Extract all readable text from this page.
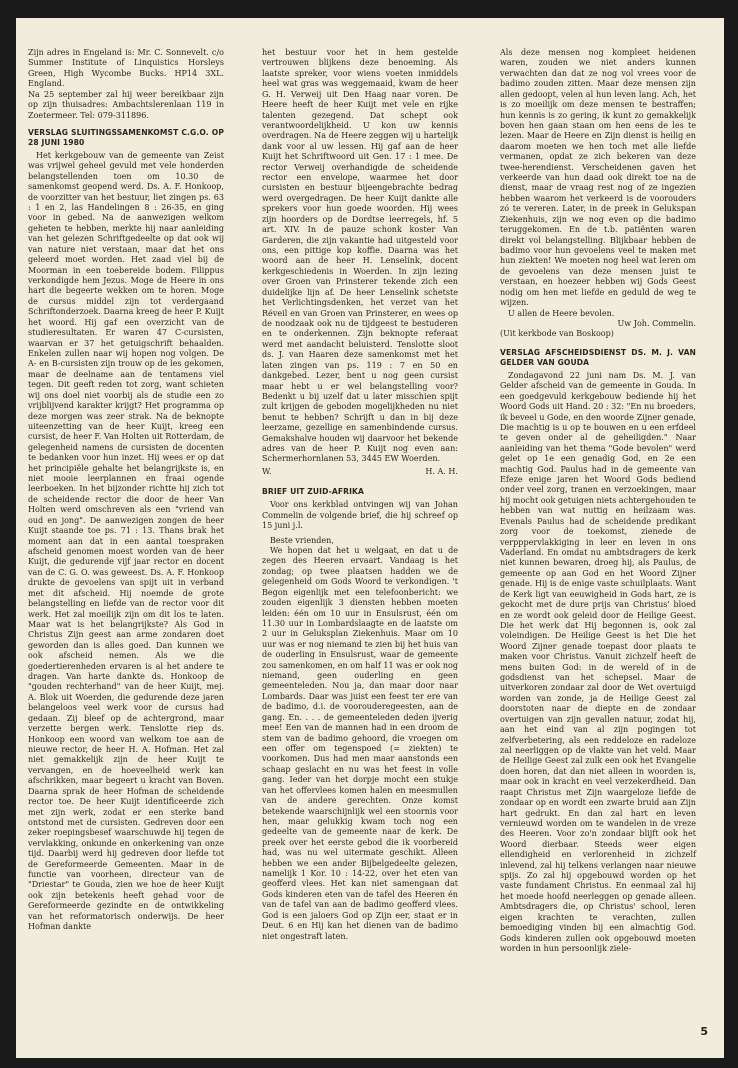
Zijn adres in Engeland is: Mr. C. Sonnevelt. c/o Summer Institute of Linquistics Horsleys Green, High Wycombe Bucks. HP14 3XL. England.

Na 25 september zal hij weer bereikbaar zijn op zijn thuisadres: Ambachtslerenlaan 119 in Zoetermeer. Tel: 079-311896.

VERSLAG SLUITINGSSAMENKOMST C.G.O. OP 28 JUNI 1980

Het kerkgebouw van de gemeente van Zeist was vrijwel geheel gevuld met vele honderden belangstellenden toen om 10.30 de samenkomst geopend werd. Ds. A. F. Honkoop, de voorzitter van het bestuur, liet zingen ps. 63 : 1 en 2, las Handelingen 8 : 26-35, en ging voor in gebed. Na de aanwezigen welkom geheten te hebben, merkte hij naar aanleiding van het gelezen Schriftgedeelte op dat ook wij van nature niet verstaan, maar dat het ons geleerd moet worden. Het zaad viel bij de Moorman in een toebereide bodem. Filippus verkondigde hem Jezus. Moge de Heere in ons hart die begeerte wekken om te horen. Moge de cursus middel zijn tot verdergaand Schriftonderzoek. Daarna kreeg de heer P. Kuijt het woord. Hij gaf een overzicht van de studieresultaten. Er waren 47 C-cursisten, waarvan er 37 het getuigschrift behaalden. Enkelen zullen naar wij hopen nog volgen. De A- en B-cursisten zijn trouw op de les gekomen, maar de deelname aan de tentamens viel tegen. Dit geeft reden tot zorg, want schieten wij ons doel niet voorbij als de studie een zo vrijblijvend karakter krijgt? Het programma op deze morgen was zeer strak. Na de beknopte uiteenzetting van de heer Kuijt, kreeg een cursist, de heer F. Van Holten uit Rotterdam, de gelegenheid namens de cursisten de docenten te bedanken voor hun inzet. Hij wees er op dat het principiële gehalte het belangrijkste is, en niet mooie leerplannen en fraai ogende leerboeken. In het bijzonder richtte hij zich tot de scheidende rector die door de heer Van Holten werd omschreven als een "vriend van oud en jong". De aanwezigen zongen de heer Kuijt staande toe ps. 71 : 13. Thans brak het moment aan dat in een aantal toespraken afscheid genomen moest worden van de heer Kuijt, die gedurende vijf jaar rector en docent van de C. G. O. was geweest. Ds. A. F. Honkoop drukte de gevoelens van spijt uit in verband met dit afscheid. Hij noemde de grote belangstelling en liefde van de rector voor dit werk. Het zal moeilijk zijn om dit los te laten. Maar wat is het belangrijkste? Als God in Christus Zijn geest aan arme zondaren doet geworden dan is alles goed. Dan kunnen we ook afscheid nemen. Als we die goedertierenheden ervaren is al het andere te dragen. Van harte dankte ds. Honkoop de "gouden rechterhand" van de heer Kuijt, mej. A. Blok uit Woerden, die gedurende deze jaren belangeloos veel werk voor de cursus had gedaan. Zij bleef op de achtergrond, maar verzette bergen werk. Tenslotte riep ds. Honkoop een woord van welkom toe aan de nieuwe rector, de heer H. A. Hofman. Het zal niet gemakkelijk zijn de heer Kuijt te vervangen, en de hoeveelheid werk kan afschrikken, maar begeert u kracht van Boven. Daarna sprak de heer Hofman de scheidende rector toe. De heer Kuijt identificeerde zich met zijn werk, zodat er een sterke band ontstond met de cursisten. Gedreven door een zeker roepingsbesef waarschuwde hij tegen de vervlakking, onkunde en onkerkening van onze tijd. Daarbij werd hij gedreven door liefde tot de Gereformeerde Gemeenten. Maar in de functie van voorheen, directeur van de "Driestar" te Gouda, zien we hoe de heer Kuijt ook zijn betekenis heeft gehad voor de Gereformeerde gezindte en de ontwikkeling van het reformatorisch onderwijs. De heer Hofman dankte

het bestuur voor het in hem gestelde vertrouwen blijkens deze benoeming. Als laatste spreker, voor wiens voeten inmiddels heel wat gras was weggemaaid, kwam de heer G. H. Verweij uit Den Haag naar voren. De Heere heeft de heer Kuijt met vele en rijke talenten gezegend. Dat schept ook verantwoordelijkheid. U kon uw kennis overdragen. Na de Heere zeggen wij u hartelijk dank voor al uw lessen. Hij gaf aan de heer Kuijt het Schriftwoord uit Gen. 17 : 1 mee. De rector Verweij overhandigde de scheidende rector een envelope, waarmee het door cursisten en bestuur bijeengebrachte bedrag werd overgedragen. De heer Kuijt dankte alle sprekers voor hun goede woorden. Hij wees zijn hoorders op de Dordtse leerregels, hf. 5 art. XIV. In de pauze schonk koster Van Garderen, die zijn vakantie had uitgesteld voor ons, een pittige kop koffie. Daarna was het woord aan de heer H. Lenselink, docent kerkgeschiedenis in Woerden. In zijn lezing over Groen van Prinsterer tekende zich een duidelijke lijn af. De heer Lenselink schetste het Verlichtingsdenken, het verzet van het Réveil en van Groen van Prinsterer, en wees op de noodzaak ook nu de tijdgeest te bestuderen en te onderkennen. Zijn beknopte referaat werd met aandacht beluisterd. Tenslotte sloot ds. J. van Haaren deze samenkomst met het laten zingen van ps. 119 : 7 en 50 en dankgebed. Lezer, bent u nog geen cursist maar hebt u er wel belangstelling voor? Bedenkt u bij uzelf dat u later misschien spijt zult krijgen de geboden mogelijkheden nu niet benut te hebben? Schrijft u dan in bij deze leerzame, gezellige en samenbindende cursus. Gemakshalve houden wij daarvoor het bekende adres van de heer P. Kuijt nog even aan: Schermerhornlanen 53, 3445 EW Woerden.

W.	H. A. H.
BRIEF UIT ZUID-AFRIKA

Voor ons kerkblad ontvingen wij van Johan Commelin de volgende brief, die hij schreef op 15 juni j.l.

Beste vrienden,

We hopen dat het u welgaat, en dat u de zegen des Heeren ervaart. Vandaag is het zondag; op twee plaatsen hadden we de gelegenheid om Gods Woord te verkondigen. 't Begon eigenlijk met een telefoonbericht: we zouden eigenlijk 3 diensten hebben moeten leiden: één om 10 uur in Ensulsrust, één om 11.30 uur in Lombardslaagte en de laatste om 2 uur in Geluksplan Ziekenhuis. Maar om 10 uur was er nog niemand te zien bij het huis van de ouderling in Ensulsrust, waar de gemeente zou samenkomen, en om half 11 was er ook nog niemand, geen ouderling en geen gemeenteleden. Nou ja, dan maar door naar Lombards. Daar was juist een feest ter ere van de badimo, d.i. de voorouderegeesten, aan de gang. En. . . . de gemeenteleden deden ijverig mee! Een van de mannen had in een droom de stem van de badimo gehoord, die vroegen om een offer om tegenspoed (= ziekten) te voorkomen. Dus had men maar aanstonds een schaap geslacht en nu was het feest in volle gang. Ieder van het dorpje mocht een stukje van het offervlees komen halen en meesmullen van de andere gerechten. Onze komst betekende waarschijnlijk wel een stoornis voor hen, maar gelukkig kwam toch nog een gedeelte van de gemeente naar de kerk. De preek over het eerste gebod die ik voorbereid had, was nu wel uitermate geschikt. Alleen hebben we een ander Bijbelgedeelte gelezen, namelijk 1 Kor. 10 : 14-22, over het eten van geofferd vlees. Het kan niet samengaan dat Gods kinderen eten van de tafel des Heeren én van de tafel van aan de badimo geofferd vlees. God is een jaloers God op Zijn eer, staat er in Deut. 6 en Hij kan het dienen van de badimo niet ongestraft laten.

Als deze mensen nog kompleet heidenen waren, zouden we niet anders kunnen verwachten dan dat ze nog vol vrees voor de badimo zouden zitten. Maar deze mensen zijn allen gedoopt, velen al hun leven lang. Ach, het is zo moeilijk om deze mensen te bestraffen; hun kennis is zo gering, ik kunt zo gemakkelijk boven hen gaan staan om hen eens de les te lezen. Maar de Heere en Zijn dienst is heilig en daarom moeten we hen toch met alle liefde vermanen, opdat ze zich bekeren van deze twee-herendienst. Verscheidenen gaven het verkeerde van hun daad ook direkt toe na de dienst, maar de vraag rest nog of ze ingezien hebben waarom het verkeerd is de voorouders zó te vereren. Later, in de preek in Gelukspan Ziekenhuis, zijn we nog even op die badimo teruggekomen. En de t.b. patiënten waren direkt vol belangstelling. Blijkbaar hebben de badimo voor hun gevoelens veel te maken met hun ziekten! We moeten nog heel wat leren om de gevoelens van deze mensen juist te verstaan, en hoezeer hebben wij Gods Geest nodig om hen met liefde en geduld de weg te wijzen.

U allen de Heere bevolen.

Uw Joh. Commelin.

(Uit kerkbode van Boskoop)

VERSLAG AFSCHEIDSDIENST DS. M. J. VAN GELDER VAN GOUDA

Zondagavond 22 juni nam Ds. M. J. van Gelder afscheid van de gemeente in Gouda. In een goedgevuld kerkgebouw bediende hij het Woord Gods uit Hand. 20 : 32: "En nu broeders, ik beveel u Gode, en den woorde Zijner genade, Die machtig is u op te bouwen en u een erfdeel te geven onder al de geheiligden." Naar aanleiding van het thema "Gode bevolen" werd gelet op 1e een genadig God, en 2e een machtig God. Paulus had in de gemeente van Efeze enige jaren het Woord Gods bediend onder veel zorg, tranen en verzoekingen, maar hij mocht ook getuigen niets achtergehouden te hebben van wat nuttig en heilzaam was. Evenals Paulus had de scheidende predikant zorg voor de toekomst, zienede de verpppervlakkiging in leer en leven in ons Vaderland. En omdat nu ambtsdragers de kerk niet kunnen bewaren, droeg hij, als Paulus, de gemeente op aan God en het Woord Zijner genade. Hij is de enige vaste schuilplaats. Want de Kerk ligt van eeuwigheid in Gods hart, ze is gekocht met de dure prijs van Christus' bloed en ze wordt ook geleid door de Heilige Geest. Die het werk dat Hij begonnen is, ook zal voleindigen. De Heilige Geest is het Die het Woord Zijner genade toepast door plaats te maken voor Christus. Vanuit zichzelf heeft de mens buiten God: in de wereld of in de godsdienst van het schepsel. Maar de uitverkoren zondaar zal door de Wet overtuigd worden van zonde, ja de Heilige Geest zal doorstoten naar de diepte en de zondaar overtuigen van zijn gevallen natuur, zodat hij, aan het eind van al zijn pogingen tot zelfverbetering, als een reddeloze en radeloze zal neerliggen op de vlakte van het veld. Maar de Heilige Geest zal zulk een ook het Evangelie doen horen, dat dan niet alleen in woorden is, maar ook in kracht en veel verzekerdheid. Dan raapt Christus met Zijn waargeloze liefde de zondaar op en wordt een zwarte bruid aan Zijn hart gedrukt. En dan zal hart en leven vernieuwd worden om te wandelen in de vreze des Heeren. Voor zo'n zondaar blijft ook het Woord dierbaar. Steeds weer eigen ellendigheid en verlorenheid in zichzelf inlevend, zal hij telkens verlangen naar nieuwe spijs. Zo zal hij opgebouwd worden op het vaste fundament Christus. En eenmaal zal hij het moede hoofd neerleggen op genade alleen. Ambtsdragers die, op Christus' school, leren eigen krachten te verachten, zullen bemoediging vinden bij een almachtig God. Gods kinderen zullen ook opgebouwd moeten worden in hun persoonlijk ziele-

5
